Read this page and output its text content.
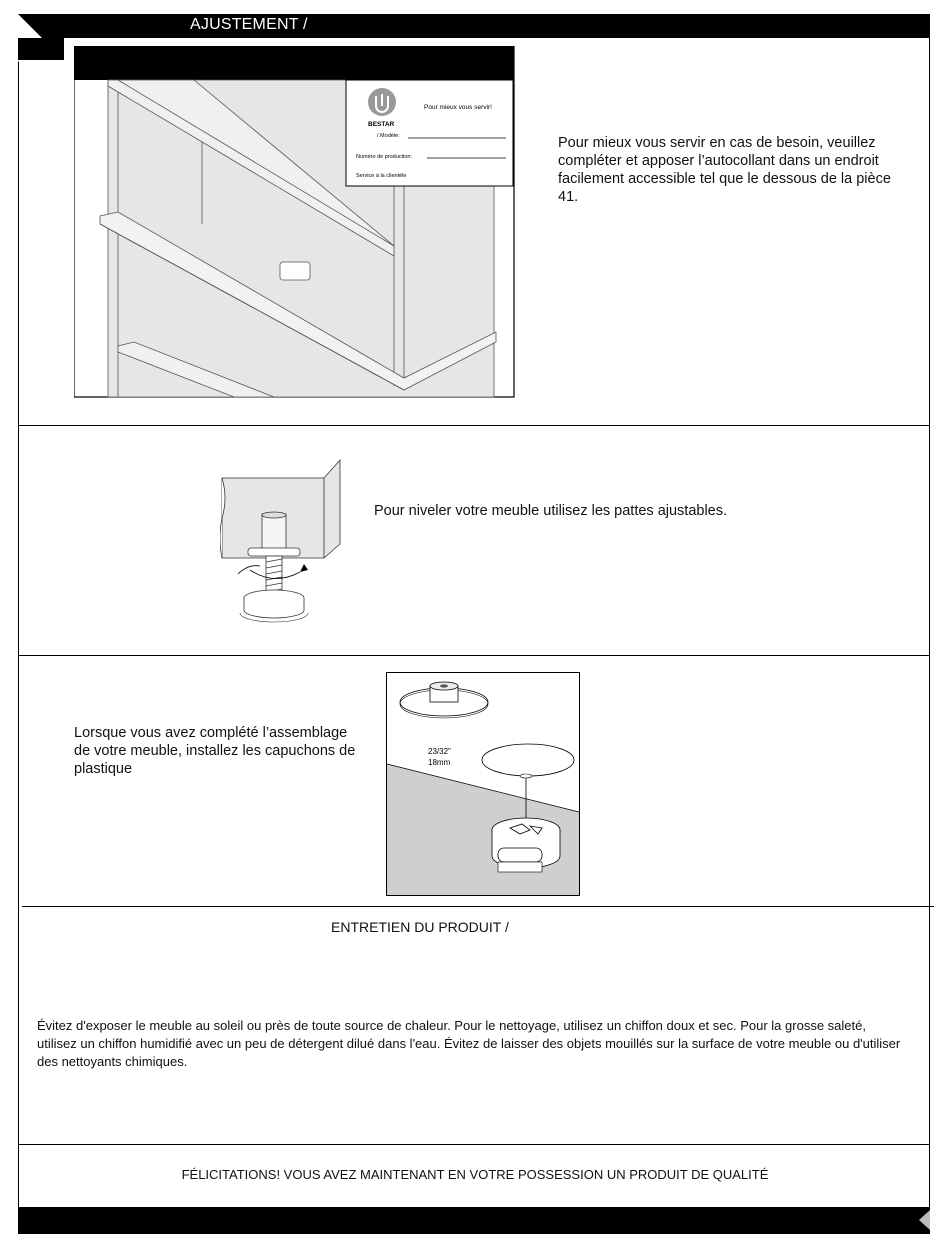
AJUSTEMENT /
BESTAR
Pour mieux vous servir!
/ Modèle:
Numéro de production:
Service à la clientèle
Pour mieux vous servir en cas de besoin, veuillez compléter et apposer l’autocollant dans un endroit facilement accessible tel que le dessous de la pièce 41.
Pour niveler votre meuble utilisez les pattes ajustables.
Lorsque vous avez complété l’assemblage de votre meuble, installez les capuchons de plastique
23/32"
18mm
ENTRETIEN DU PRODUIT /
Évitez d'exposer le meuble au soleil ou près de toute source de chaleur. Pour le nettoyage, utilisez un chiffon doux et sec. Pour la grosse saleté, utilisez un chiffon humidifié avec un peu de détergent dilué dans l'eau. Évitez de laisser des objets mouillés sur la surface de votre meuble ou d'utiliser des nettoyants chimiques.
FÉLICITATIONS! VOUS AVEZ MAINTENANT EN VOTRE POSSESSION UN PRODUIT DE QUALITÉ
